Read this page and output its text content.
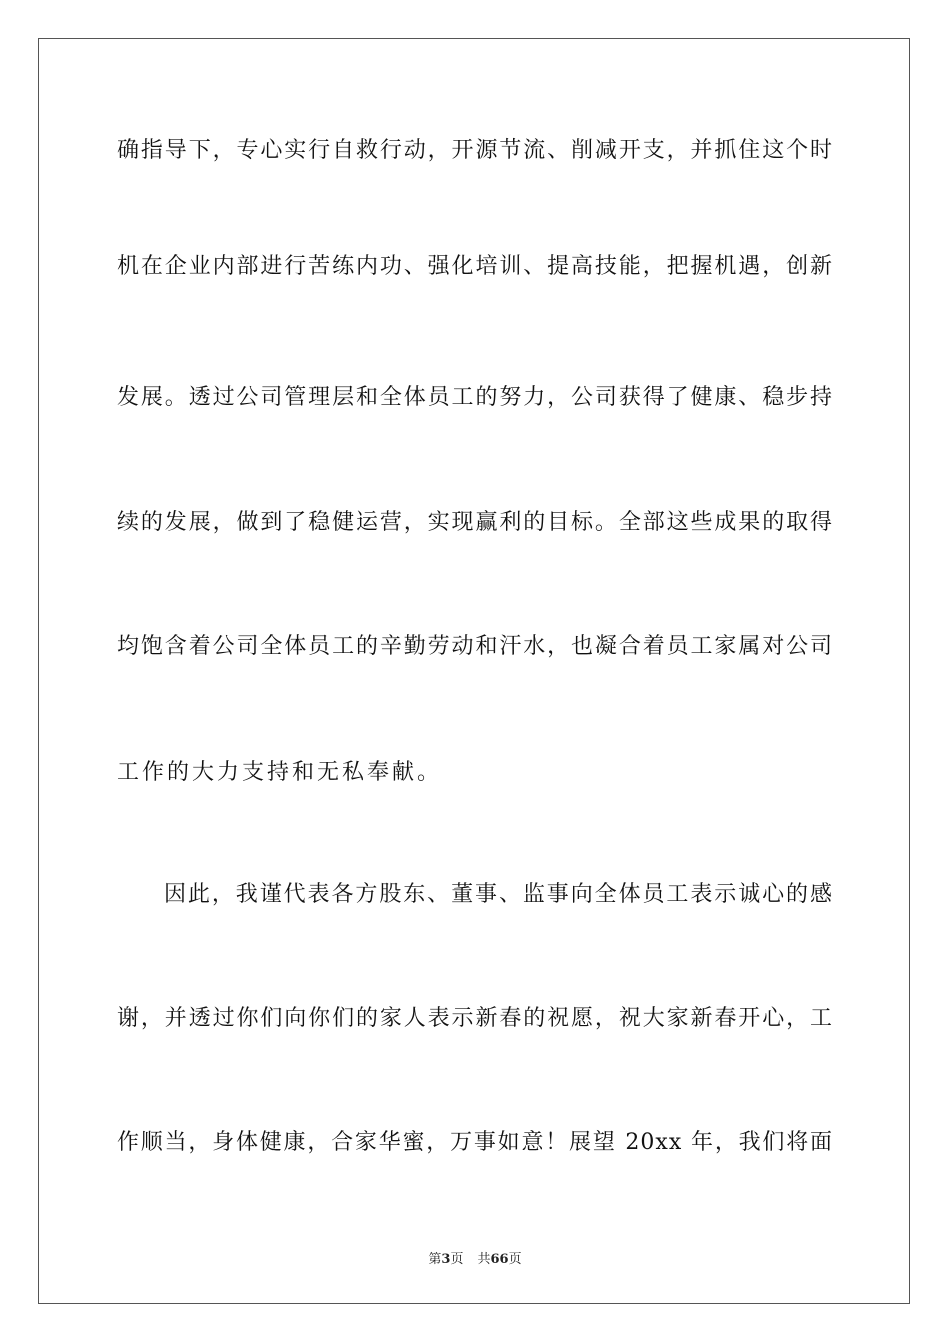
确指导下，专心实行自救行动，开源节流、削减开支，并抓住这个时
机在企业内部进行苦练内功、强化培训、提高技能，把握机遇，创新
发展。透过公司管理层和全体员工的努力，公司获得了健康、稳步持
续的发展，做到了稳健运营，实现赢利的目标。全部这些成果的取得
均饱含着公司全体员工的辛勤劳动和汗水，也凝合着员工家属对公司
工作的大力支持和无私奉献。
因此，我谨代表各方股东、董事、监事向全体员工表示诚心的感
谢，并透过你们向你们的家人表示新春的祝愿，祝大家新春开心，工
作顺当，身体健康，合家华蜜，万事如意！展望 20xx 年，我们将面
第3页 共66页
